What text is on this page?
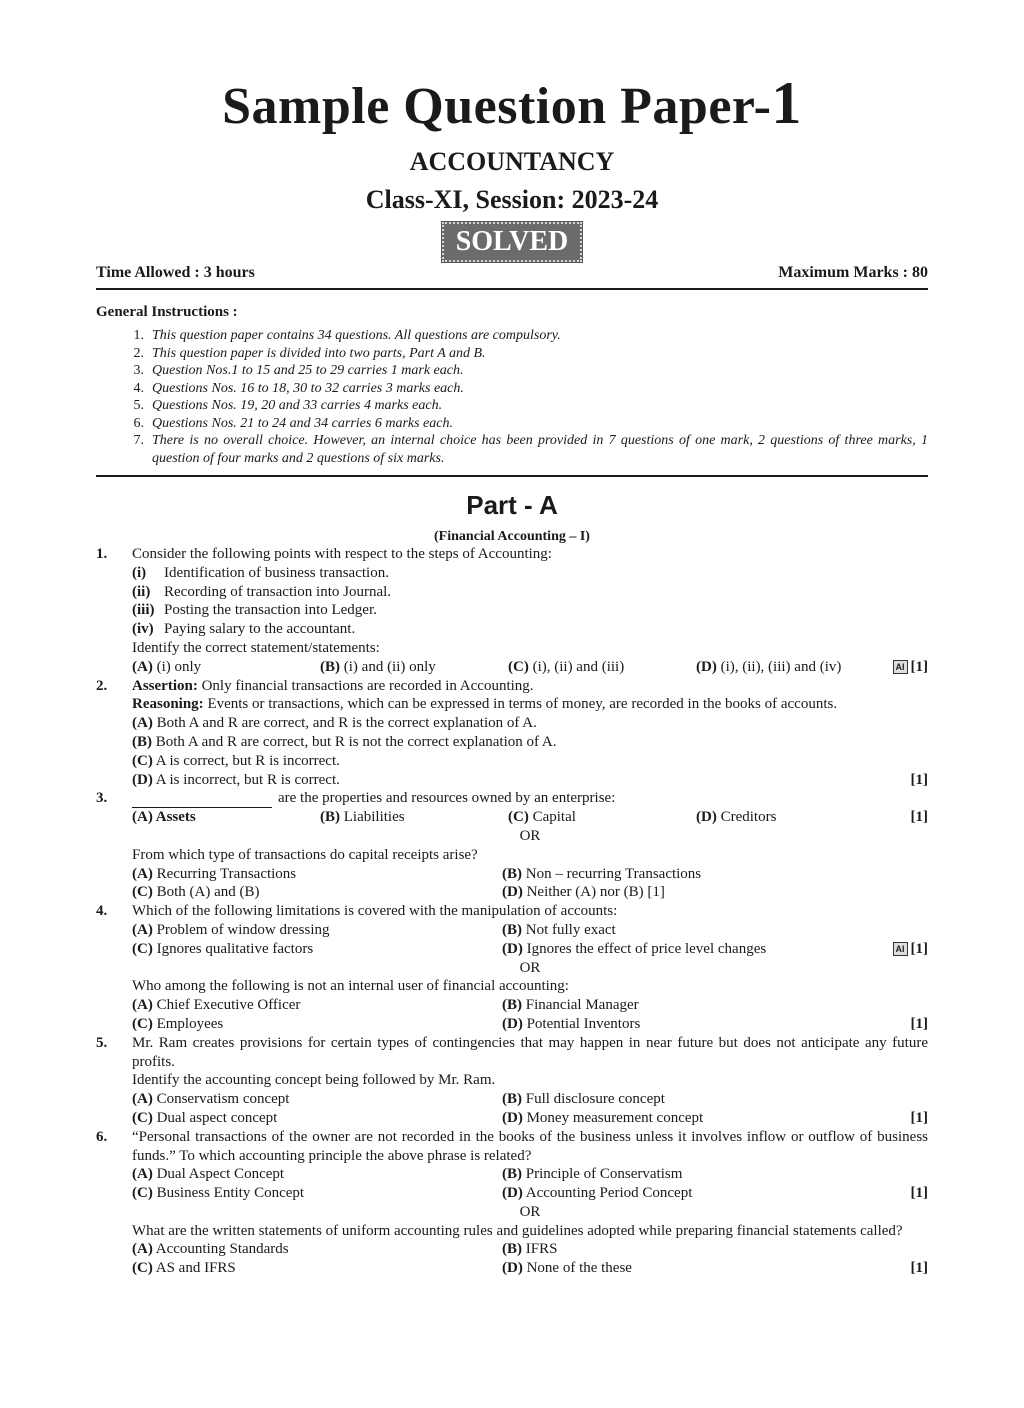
Sample Question Paper-1
ACCOUNTANCY
Class-XI, Session: 2023-24
SOLVED
Time Allowed : 3 hours	Maximum Marks : 80
General Instructions :
1. This question paper contains 34 questions. All questions are compulsory.
2. This question paper is divided into two parts, Part A and B.
3. Question Nos.1 to 15 and 25 to 29 carries 1 mark each.
4. Questions Nos. 16 to 18, 30 to 32 carries 3 marks each.
5. Questions Nos. 19, 20 and 33 carries 4 marks each.
6. Questions Nos. 21 to 24 and 34 carries 6 marks each.
7. There is no overall choice. However, an internal choice has been provided in 7 questions of one mark, 2 questions of three marks, 1 question of four marks and 2 questions of six marks.
Part - A
(Financial Accounting – I)
1.	Consider the following points with respect to the steps of Accounting:
(i)	Identification of business transaction.
(ii) Recording of transaction into Journal.
(iii) Posting the transaction into Ledger.
(iv) Paying salary to the accountant.
Identify the correct statement/statements:
(A) (i) only	(B) (i) and (ii) only	(C) (i), (ii) and (iii)	(D) (i), (ii), (iii) and (iv)	AI [1]
2.	Assertion: Only financial transactions are recorded in Accounting.
Reasoning: Events or transactions, which can be expressed in terms of money, are recorded in the books of accounts.
(A) Both A and R are correct, and R is the correct explanation of A.
(B) Both A and R are correct, but R is not the correct explanation of A.
(C) A is correct, but R is incorrect.
(D) A is incorrect, but R is correct.	[1]
3.	are the properties and resources owned by an enterprise:
(A) Assets	(B) Liabilities	(C) Capital	(D) Creditors	[1]
OR
From which type of transactions do capital receipts arise?
(A) Recurring Transactions	(B) Non – recurring Transactions
(C) Both (A) and (B)	(D) Neither (A) nor (B) [1]
4.	Which of the following limitations is covered with the manipulation of accounts:
(A) Problem of window dressing	(B) Not fully exact
(C) Ignores qualitative factors	(D) Ignores the effect of price level changes	AI [1]
OR
Who among the following is not an internal user of financial accounting:
(A) Chief Executive Officer	(B) Financial Manager
(C) Employees	(D) Potential Inventors	[1]
5.	Mr. Ram creates provisions for certain types of contingencies that may happen in near future but does not anticipate any future profits.
Identify the accounting concept being followed by Mr. Ram.
(A) Conservatism concept	(B) Full disclosure concept
(C) Dual aspect concept	(D) Money measurement concept	[1]
6.	“Personal transactions of the owner are not recorded in the books of the business unless it involves inflow or outflow of business funds.” To which accounting principle the above phrase is related?
(A) Dual Aspect Concept	(B) Principle of Conservatism
(C) Business Entity Concept	(D) Accounting Period Concept	[1]
OR
What are the written statements of uniform accounting rules and guidelines adopted while preparing financial statements called?
(A) Accounting Standards	(B) IFRS
(C) AS and IFRS	(D) None of the these	[1]
